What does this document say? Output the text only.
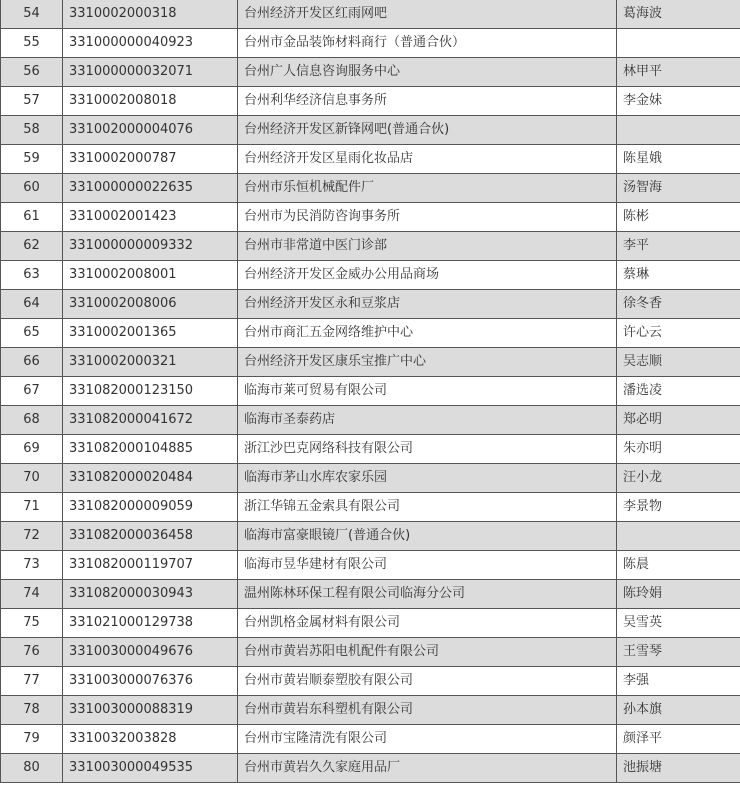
54	3310002000318	台州经济开发区红雨网吧	葛海波
55	331000000040923	台州市金品装饰材料商行（普通合伙）	
56	331000000032071	台州广人信息咨询服务中心	林甲平
57	3310002008018	台州利华经济信息事务所	李金妹
58	331002000004076	台州经济开发区新锋网吧(普通合伙)	
59	3310002000787	台州经济开发区星雨化妆品店	陈星娥
60	331000000022635	台州市乐恒机械配件厂	汤智海
61	3310002001423	台州市为民消防咨询事务所	陈彬
62	331000000009332	台州市非常道中医门诊部	李平
63	3310002008001	台州经济开发区金威办公用品商场	蔡琳
64	3310002008006	台州经济开发区永和豆浆店	徐冬香
65	3310002001365	台州市商汇五金网络维护中心	许心云
66	3310002000321	台州经济开发区康乐宝推广中心	吴志顺
67	331082000123150	临海市莱可贸易有限公司	潘选凌
68	331082000041672	临海市圣泰药店	郑必明
69	331082000104885	浙江沙巴克网络科技有限公司	朱亦明
70	331082000020484	临海市茅山水库农家乐园	汪小龙
71	331082000009059	浙江华锦五金索具有限公司	李景物
72	331082000036458	临海市富豪眼镜厂(普通合伙)	
73	331082000119707	临海市昱华建材有限公司	陈晨
74	331082000030943	温州陈林环保工程有限公司临海分公司	陈玲娟
75	331021000129738	台州凯格金属材料有限公司	吴雪英
76	331003000049676	台州市黄岩苏阳电机配件有限公司	王雪琴
77	331003000076376	台州市黄岩顺泰塑胶有限公司	李强
78	331003000088319	台州市黄岩东科塑机有限公司	孙本旗
79	3310032003828	台州市宝隆清洗有限公司	颜泽平
80	331003000049535	台州市黄岩久久家庭用品厂	池振塘
